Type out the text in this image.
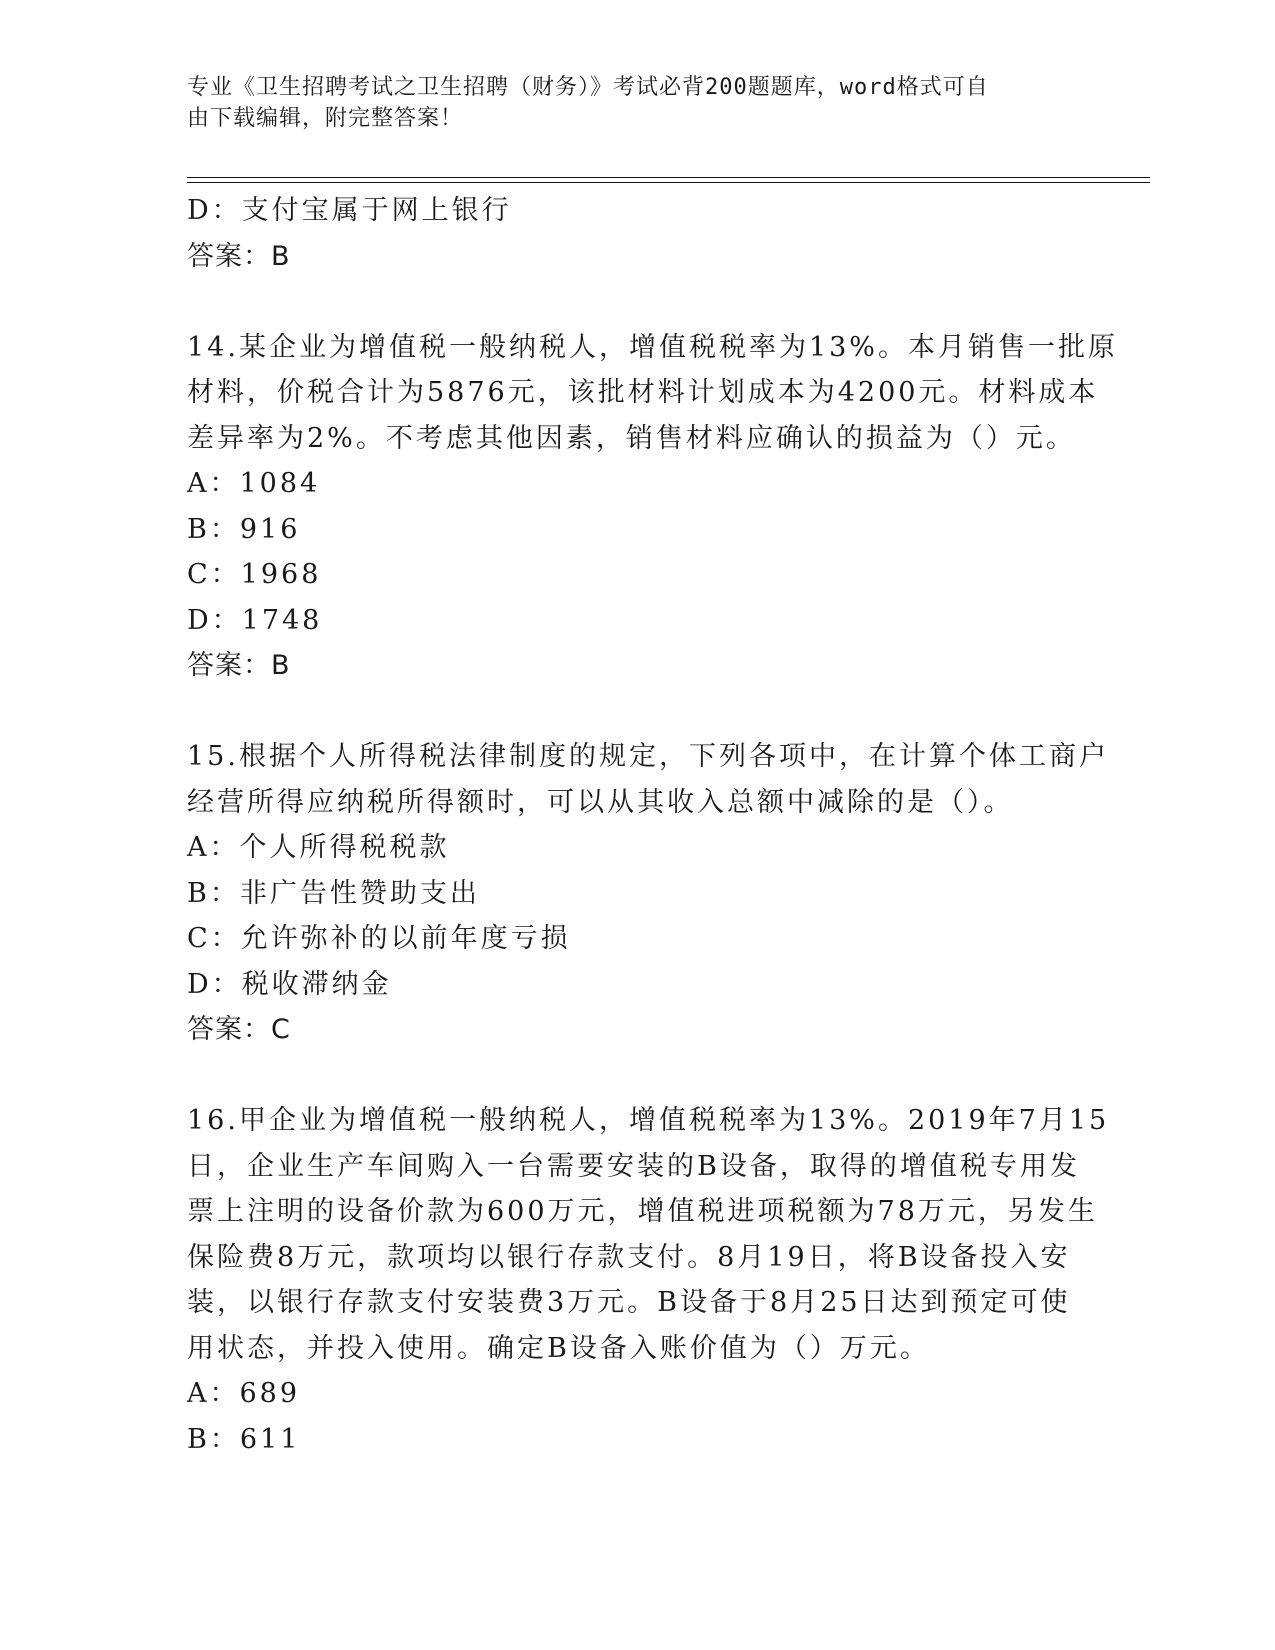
专业《卫生招聘考试之卫生招聘（财务）》考试必背200题题库，word格式可自

由下载编辑，附完整答案！

D：支付宝属于网上银行

答案：B

14.某企业为增值税一般纳税人，增值税税率为13%。本月销售一批原

材料，价税合计为5876元，该批材料计划成本为4200元。材料成本

差异率为2%。不考虑其他因素，销售材料应确认的损益为（）元。

A：1084

B：916

C：1968

D：1748

答案：B

15.根据个人所得税法律制度的规定，下列各项中，在计算个体工商户

经营所得应纳税所得额时，可以从其收入总额中减除的是（）。

A：个人所得税税款

B：非广告性赞助支出

C：允许弥补的以前年度亏损

D：税收滞纳金

答案：C

16.甲企业为增值税一般纳税人，增值税税率为13%。2019年7月15

日，企业生产车间购入一台需要安装的B设备，取得的增值税专用发

票上注明的设备价款为600万元，增值税进项税额为78万元，另发生

保险费8万元，款项均以银行存款支付。8月19日，将B设备投入安

装，以银行存款支付安装费3万元。B设备于8月25日达到预定可使

用状态，并投入使用。确定B设备入账价值为（）万元。

A：689

B：611
